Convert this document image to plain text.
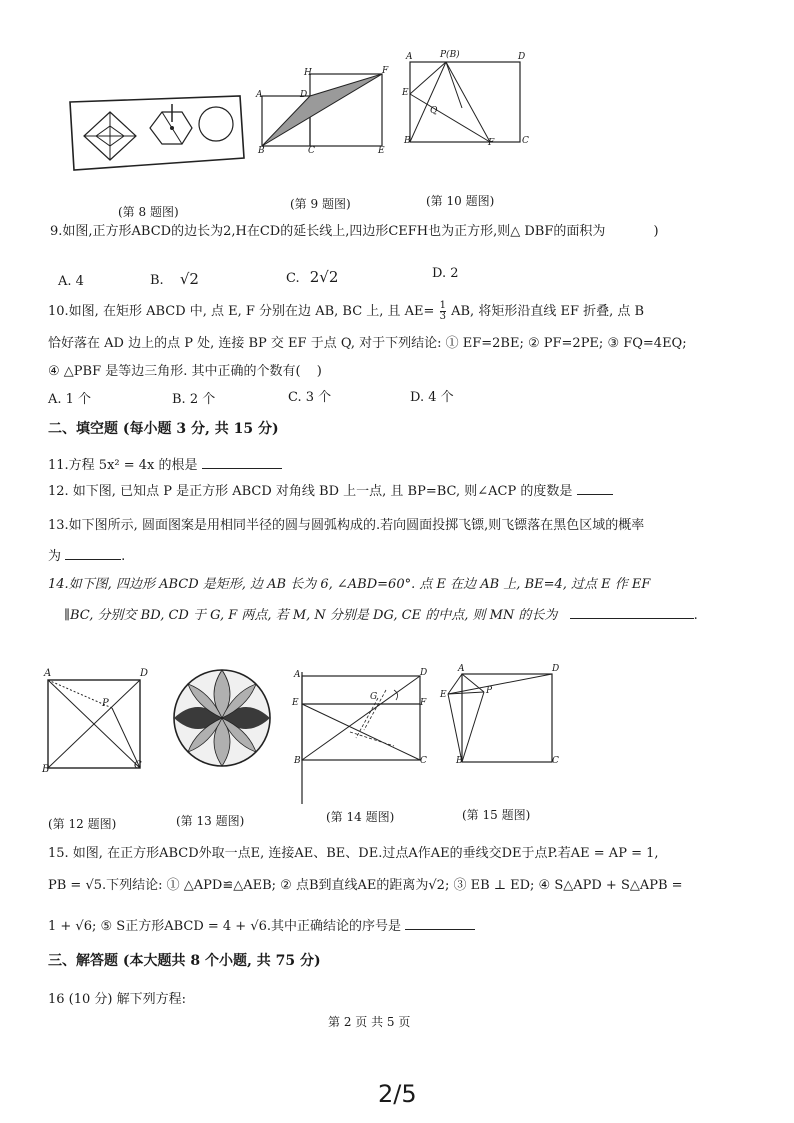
(第 8 题图)
A
H
D
F
B	C	E
(第 9 题图)
A	P(B)	D
E
Q
B	F	C
(第 10 题图)
9.如图,正方形ABCD的边长为2,H在CD的延长线上,四边形CEFH也为正方形,则△ DBF的面积为	)
A. 4	B. √2	C. 2√2	D. 2
10.如图, 在矩形 ABCD 中, 点 E, F 分别在边 AB, BC 上, 且 $AE= \frac{1}{3}$ AB, 将矩形沿直线 EF 折叠, 点 B
恰好落在 AD 边上的点 P 处, 连接 BP 交 EF 于点 Q, 对于下列结论: ① EF=2BE; ② PF=2PE; ③ FQ=4EQ;
④ △PBF 是等边三角形. 其中正确的个数有( )
A. 1 个	B. 2 个	C. 3 个	D. 4 个
二、填空题 (每小题 3 分, 共 15 分)
11.方程 5x² = 4x 的根是
12. 如下图, 已知点 P 是正方形 ABCD 对角线 BD 上一点, 且 BP=BC, 则∠ACP 的度数是
13.如下图所示, 圆面图案是用相同半径的圆与圆弧构成的.若向圆面投掷飞镖,则飞镖落在黑色区域的概率
为	.
14.如下图, 四边形 ABCD 是矩形, 边 AB 长为 6, ∠ABD=60°. 点 E 在边 AB 上, BE=4, 过点 E 作 EF
∥BC, 分别交 BD, CD 于 G, F 两点, 若 M, N 分别是 DG, CE 的中点, 则 MN 的长为	.
A	D
P
B	C
(第 12 题图)	(第 13 题图)
A	D
E	F
G
B	C
(第 14 题图)
A	D
E	P
B	C
(第 15 题图)
15. 如图, 在正方形ABCD外取一点E, 连接AE、BE、DE.过点A作AE的垂线交DE于点P.若AE = AP = 1,
PB = √5.下列结论: ① △APD≌△AEB; ② 点B到直线AE的距离为√2; ③ EB ⊥ ED; ④ S△APD + S△APB =
1 + √6; ⑤ S正方形ABCD = 4 + √6.其中正确结论的序号是
三、解答题 (本大题共 8 个小题, 共 75 分)
16 (10 分) 解下列方程:
第 2 页 共 5 页
2/5
